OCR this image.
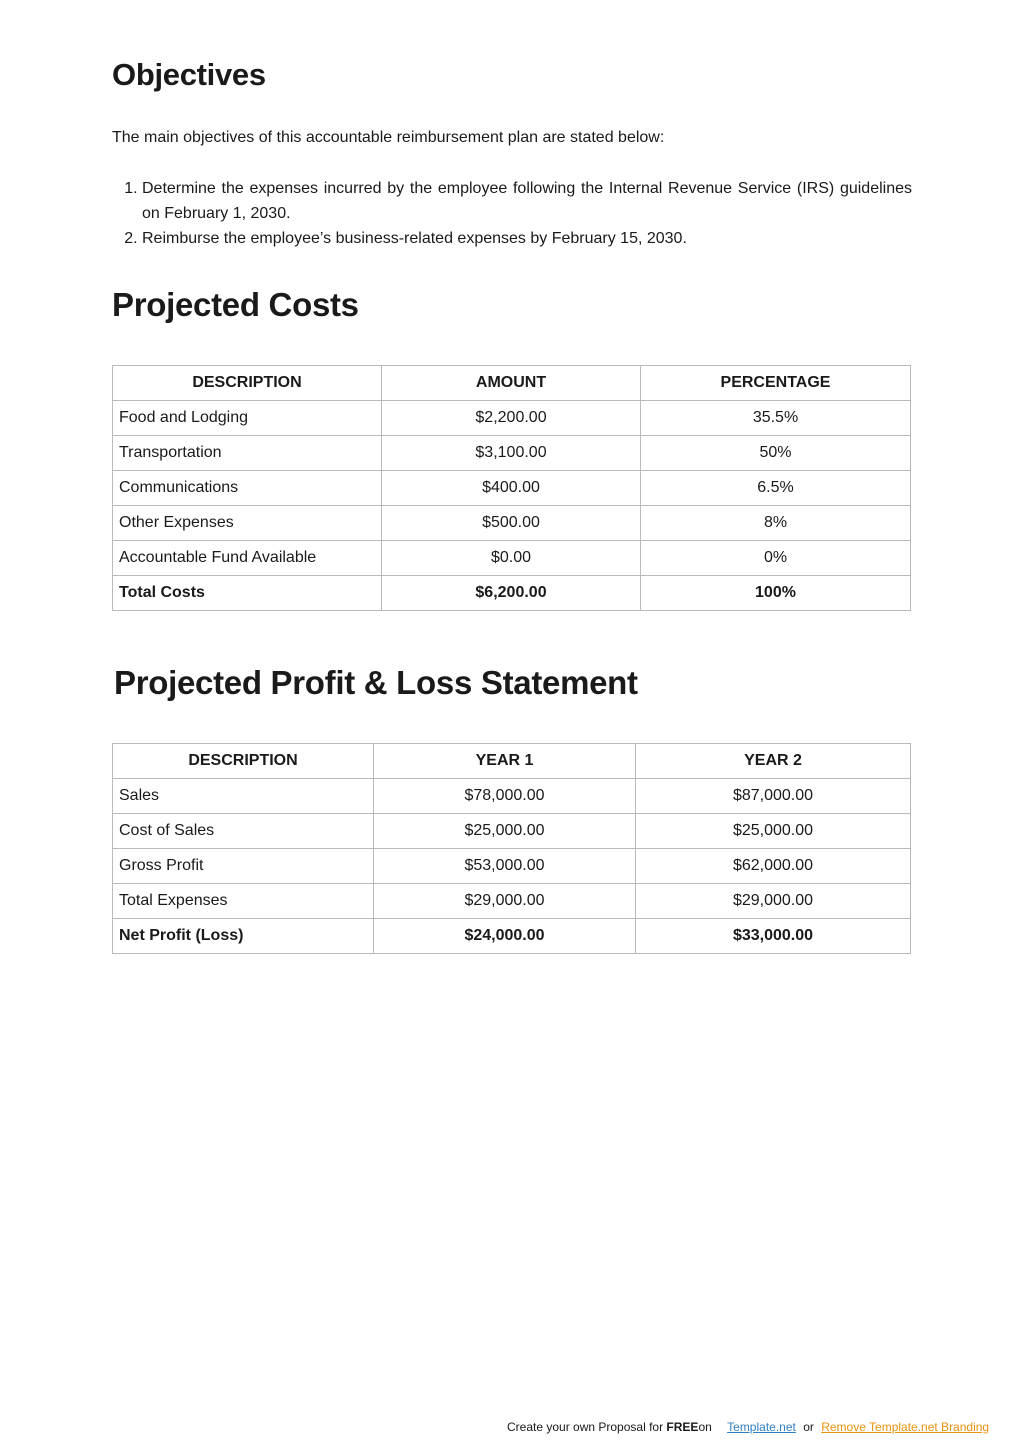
Objectives

The main objectives of this accountable reimbursement plan are stated below:

1. Determine the expenses incurred by the employee following the Internal Revenue Service (IRS) guidelines on February 1, 2030.
2. Reimburse the employee’s business-related expenses by February 15, 2030.
Projected Costs
DESCRIPTION	AMOUNT	PERCENTAGE
Food and Lodging	$2,200.00	35.5%
Transportation	$3,100.00	50%
Communications	$400.00	6.5%
Other Expenses	$500.00	8%
Accountable Fund Available	$0.00	0%
Total Costs	$6,200.00	100%
Projected Profit & Loss Statement
DESCRIPTION	YEAR 1	YEAR 2
Sales	$78,000.00	$87,000.00
Cost of Sales	$25,000.00	$25,000.00
Gross Profit	$53,000.00	$62,000.00
Total Expenses	$29,000.00	$29,000.00
Net Profit (Loss)	$24,000.00	$33,000.00
Create your own Proposal for FREEon Template.net or Remove Template.net Branding
